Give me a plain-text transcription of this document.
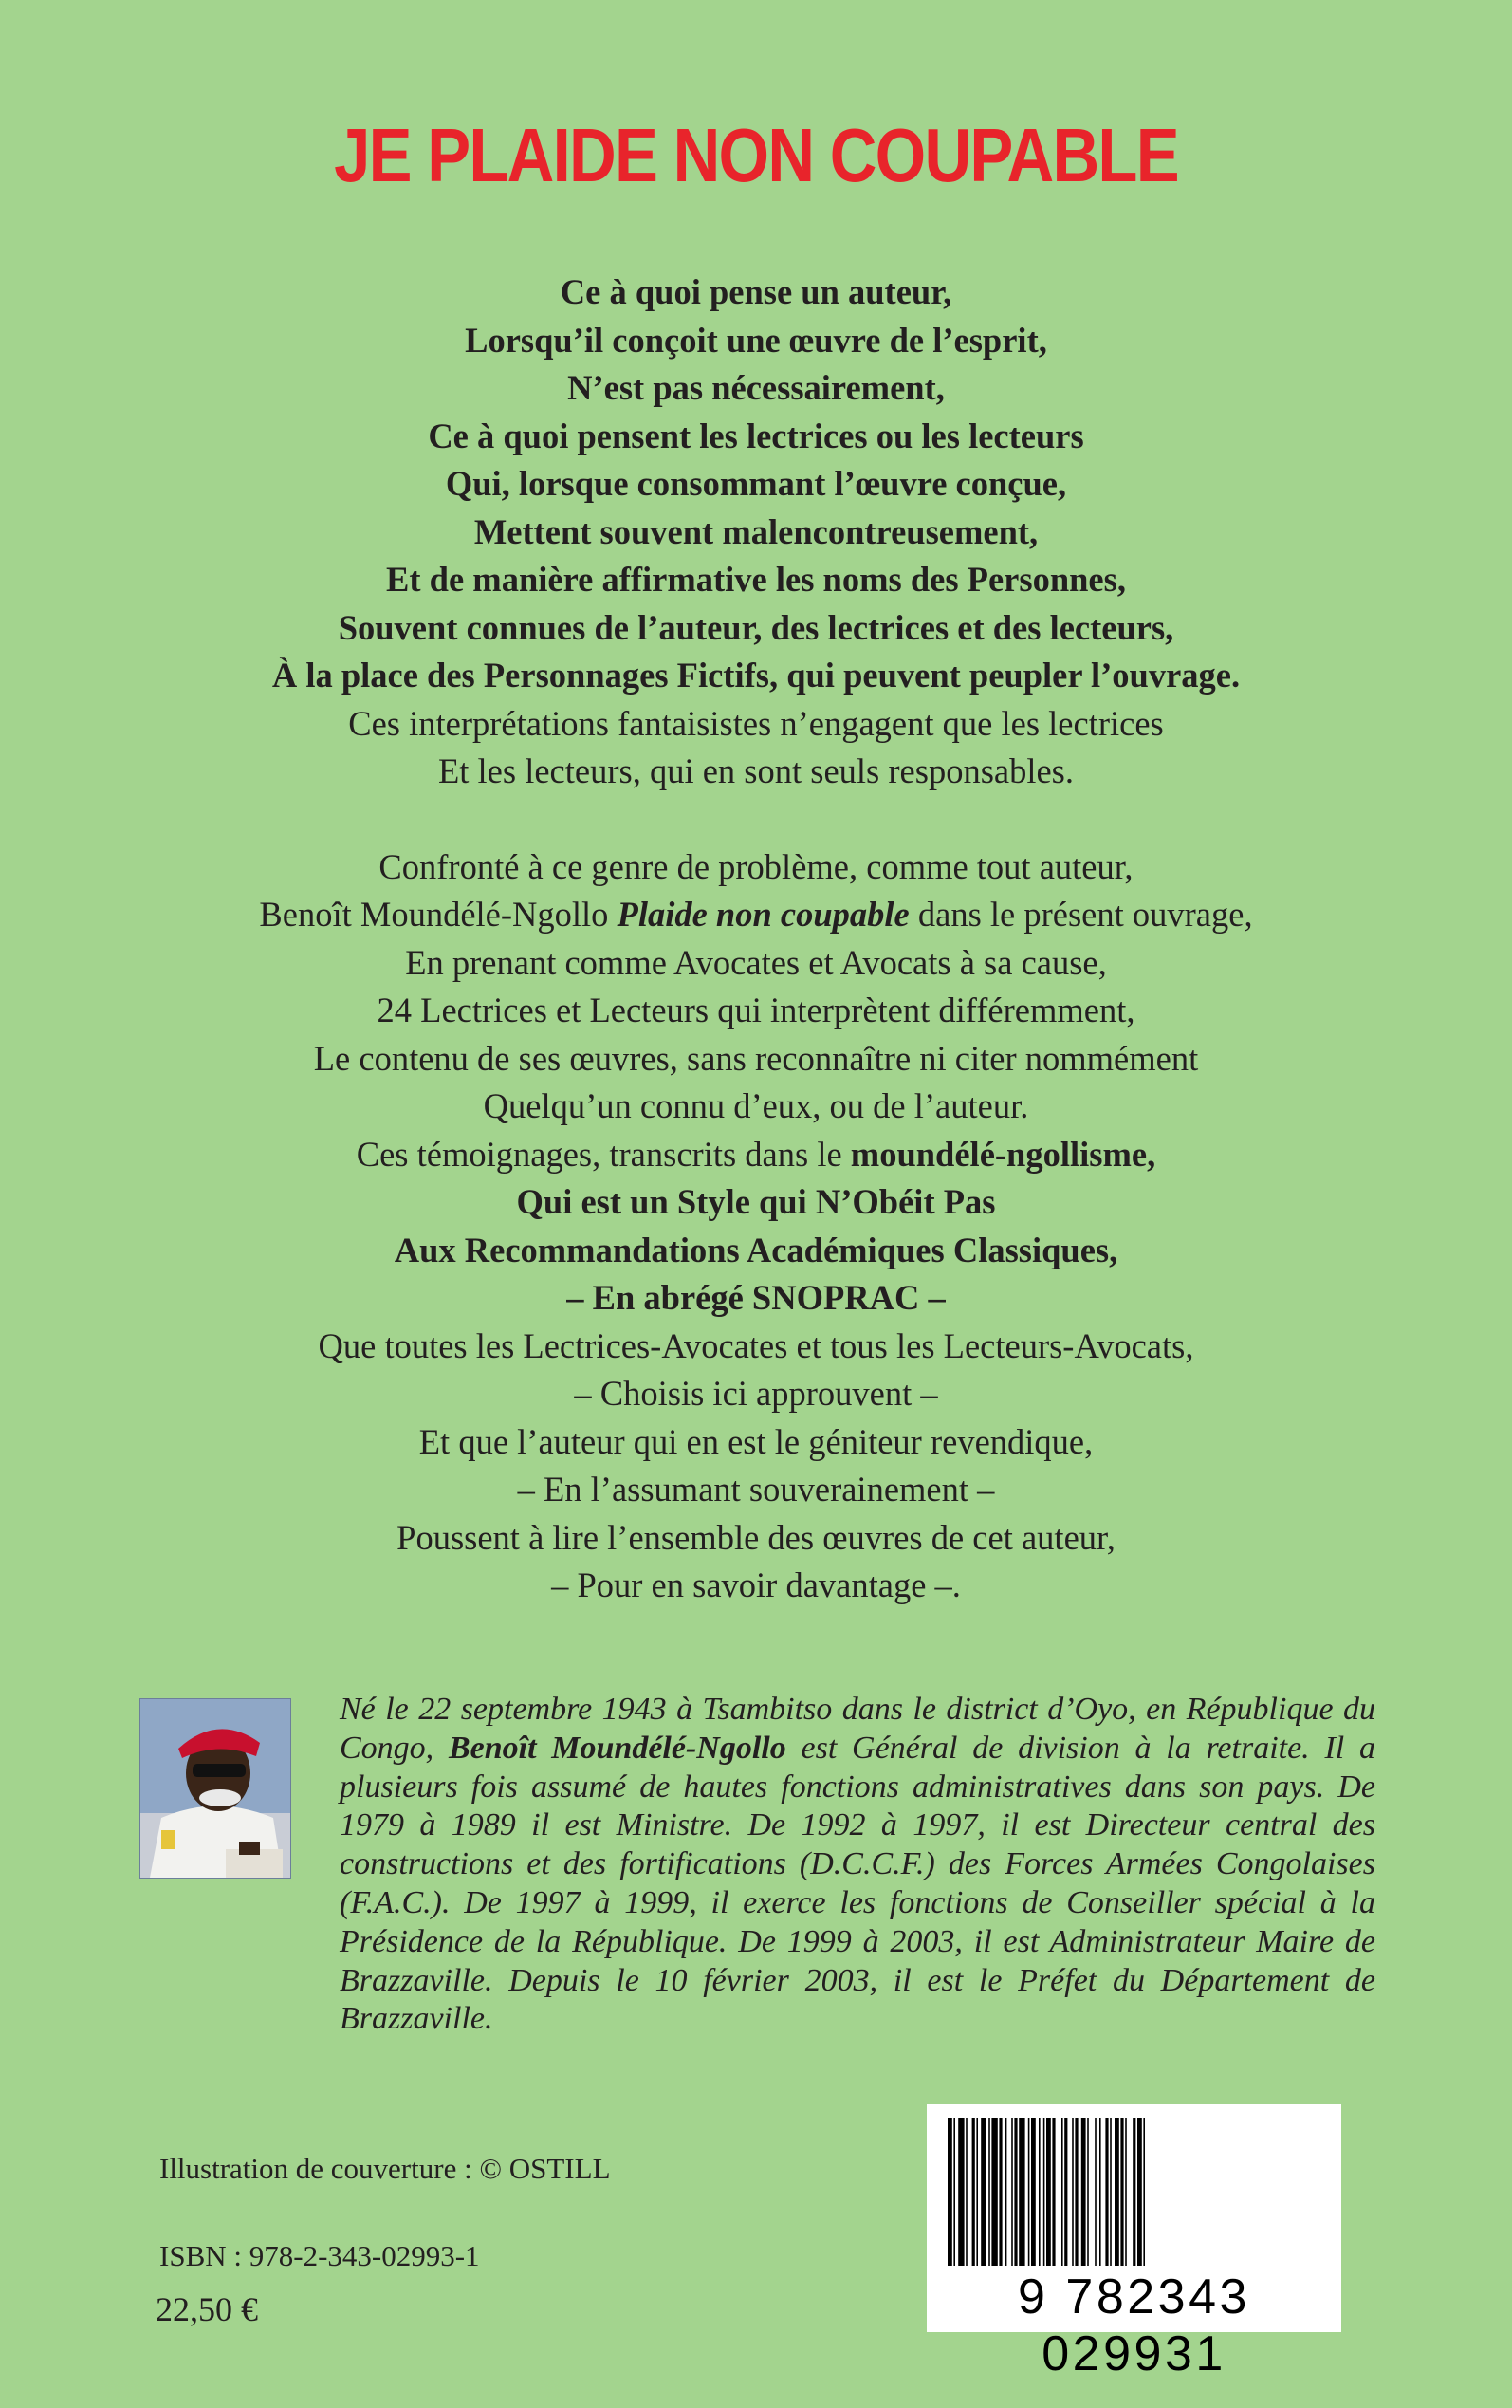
JE PLAIDE NON COUPABLE

Ce à quoi pense un auteur,

Lorsqu’il conçoit une œuvre de l’esprit,

N’est pas nécessairement,

Ce à quoi pensent les lectrices ou les lecteurs

Qui, lorsque consommant l’œuvre conçue,

Mettent souvent malencontreusement,

Et de manière affirmative les noms des Personnes,

Souvent connues de l’auteur, des lectrices et des lecteurs,

À la place des Personnages Fictifs, qui peuvent peupler l’ouvrage.

Ces interprétations fantaisistes n’engagent que les lectrices

Et les lecteurs, qui en sont seuls responsables.

Confronté à ce genre de problème, comme tout auteur,

Benoît Moundélé-Ngollo Plaide non coupable dans le présent ouvrage,

En prenant comme Avocates et Avocats à sa cause,

24 Lectrices et Lecteurs qui interprètent différemment,

Le contenu de ses œuvres, sans reconnaître ni citer nommément

Quelqu’un connu d’eux, ou de l’auteur.

Ces témoignages, transcrits dans le moundélé-ngollisme,

Qui est un Style qui N’Obéit Pas

Aux Recommandations Académiques Classiques,

– En abrégé SNOPRAC –

Que toutes les Lectrices-Avocates et tous les Lecteurs-Avocats,

– Choisis ici approuvent –

Et que l’auteur qui en est le géniteur revendique,

– En l’assumant souverainement –

Poussent à lire l’ensemble des œuvres de cet auteur,

– Pour en savoir davantage –.

Né le 22 septembre 1943 à Tsambitso dans le district d’Oyo, en République du Congo, Benoît Moundélé-Ngollo est Général de division à la retraite. Il a plusieurs fois assumé de hautes fonctions administratives dans son pays. De 1979 à 1989 il est Ministre. De 1992 à 1997, il est Directeur central des constructions et des fortifications (D.C.C.F.) des Forces Armées Congolaises (F.A.C.). De 1997 à 1999, il exerce les fonctions de Conseiller spécial à la Présidence de la République. De 1999 à 2003, il est Administrateur Maire de Brazzaville. Depuis le 10 février 2003, il est le Préfet du Département de Brazzaville.
Illustration de couverture : © OSTILL
ISBN : 978-2-343-02993-1
22,50 €	9 782343 029931
